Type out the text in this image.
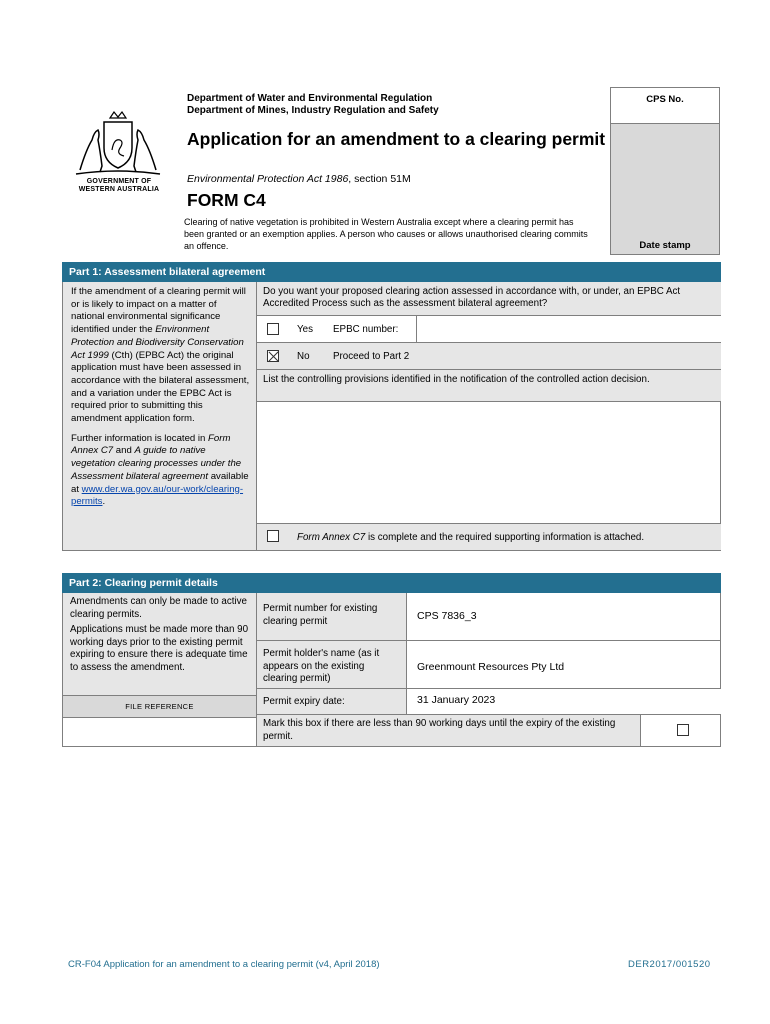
GOVERNMENT OF
WESTERN AUSTRALIA
Department of Water and Environmental Regulation
Department of Mines, Industry Regulation and Safety
Application for an amendment to a clearing permit
Environmental Protection Act 1986, section 51M
FORM C4
Clearing of native vegetation is prohibited in Western Australia except where a clearing permit has been granted or an exemption applies. A person who causes or allows unauthorised clearing commits an offence.
CPS No.
Date stamp
Part 1: Assessment bilateral agreement

If the amendment of a clearing permit will or is likely to impact on a matter of national environmental significance identified under the Environment Protection and Biodiversity Conservation Act 1999 (Cth) (EPBC Act) the original application must have been assessed in accordance with the bilateral assessment, and a variation under the EPBC Act is required prior to submitting this amendment application form.

Further information is located in Form Annex C7 and A guide to native vegetation clearing processes under the Assessment bilateral agreement available at www.der.wa.gov.au/our-work/clearing-permits.

Do you want your proposed clearing action assessed in accordance with, or under, an EPBC Act Accredited Process such as the assessment bilateral agreement?
Yes EPBC number:
No Proceed to Part 2
List the controlling provisions identified in the notification of the controlled action decision.
Form Annex C7 is complete and the required supporting information is attached.
Part 2: Clearing permit details

Amendments can only be made to active clearing permits.

Applications must be made more than 90 working days prior to the existing permit expiring to ensure there is adequate time to assess the amendment.

FILE REFERENCE
Permit number for existing clearing permit	CPS 7836_3
Permit holder's name (as it appears on the existing clearing permit)
Greenmount Resources Pty Ltd
Permit expiry date:	31 January 2023
Mark this box if there are less than 90 working days until the expiry of the existing permit.
CR-F04 Application for an amendment to a clearing permit (v4, April 2018)	DER2017/001520
